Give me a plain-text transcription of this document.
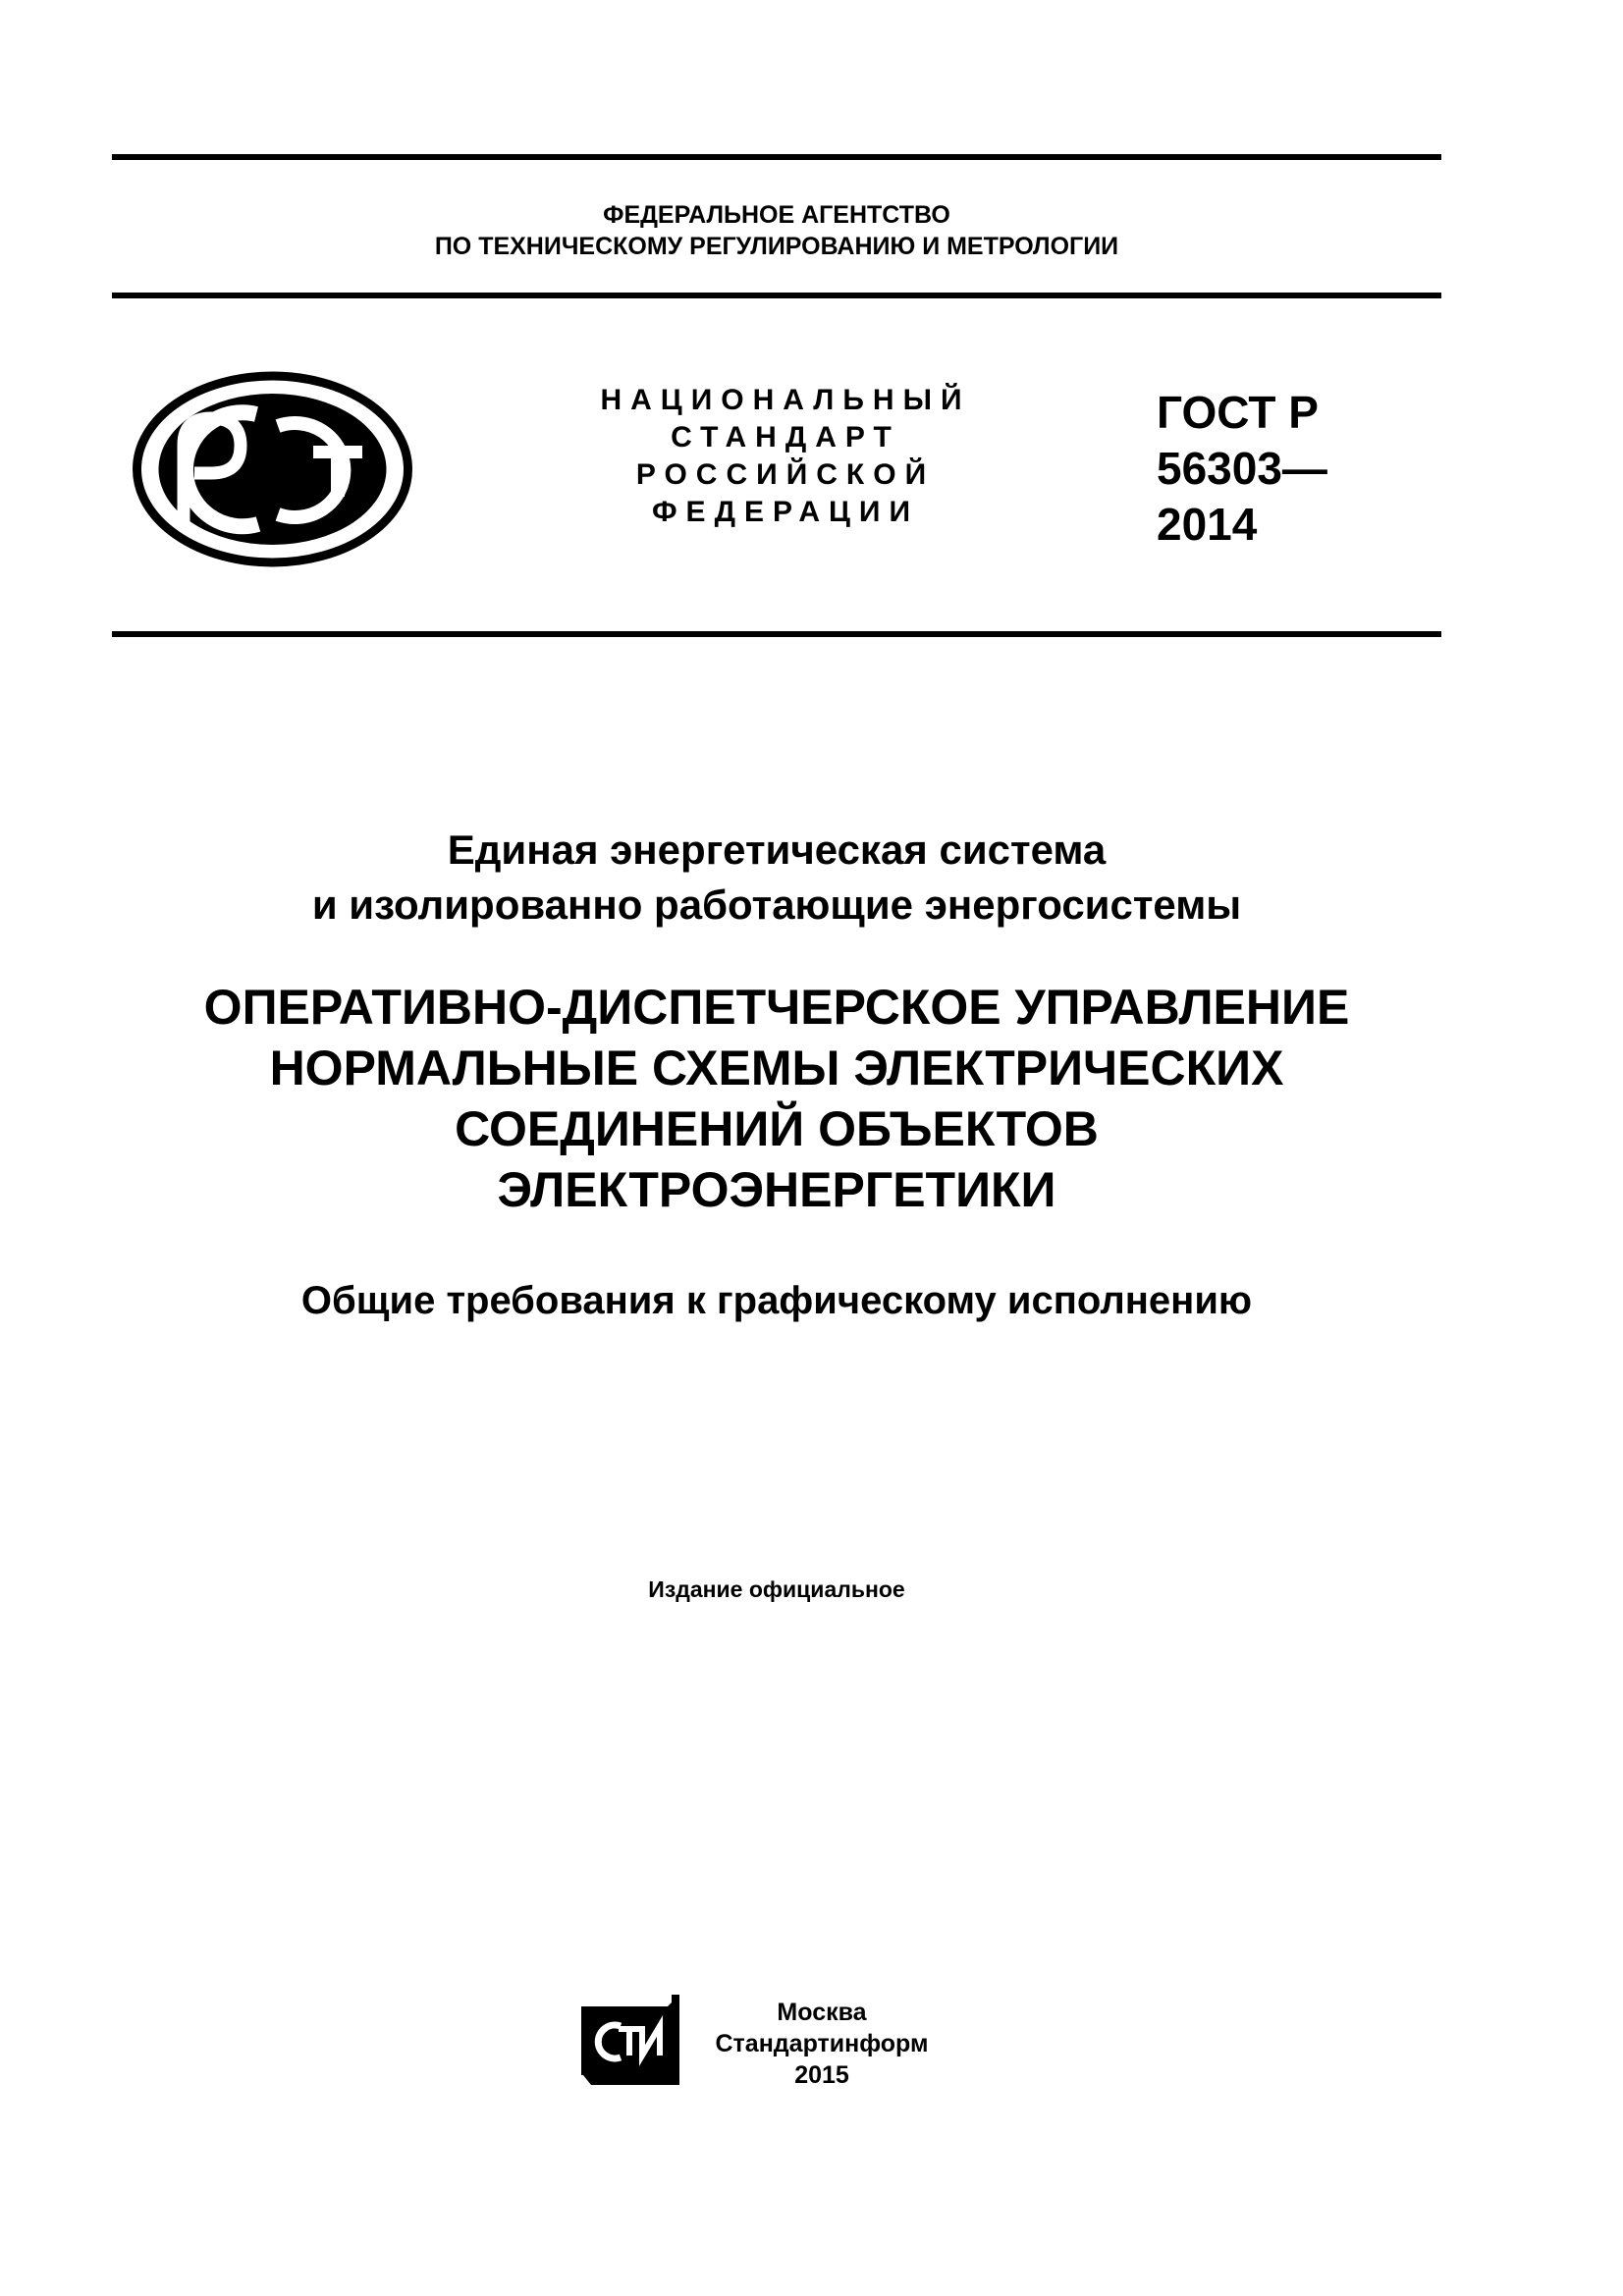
ФЕДЕРАЛЬНОЕ АГЕНТСТВО
ПО ТЕХНИЧЕСКОМУ РЕГУЛИРОВАНИЮ И МЕТРОЛОГИИ
НАЦИОНАЛЬНЫЙ
СТАНДАРТ
РОССИЙСКОЙ
ФЕДЕРАЦИИ
ГОСТ Р
56303—
2014
Единая энергетическая система
и изолированно работающие энергосистемы
ОПЕРАТИВНО-ДИСПЕТЧЕРСКОЕ УПРАВЛЕНИЕ
НОРМАЛЬНЫЕ СХЕМЫ ЭЛЕКТРИЧЕСКИХ
СОЕДИНЕНИЙ ОБЪЕКТОВ
ЭЛЕКТРОЭНЕРГЕТИКИ
Общие требования к графическому исполнению
Издание официальное
Москва
Стандартинформ
2015
